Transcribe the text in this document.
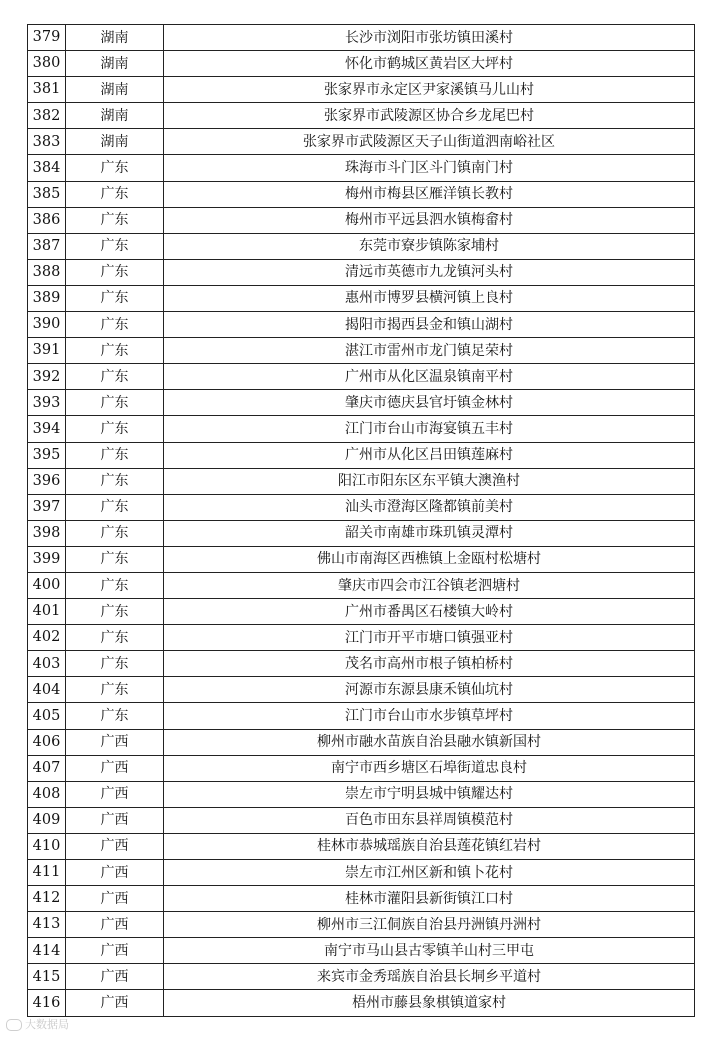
379	湖南	长沙市浏阳市张坊镇田溪村
380	湖南	怀化市鹤城区黄岩区大坪村
381	湖南	张家界市永定区尹家溪镇马儿山村
382	湖南	张家界市武陵源区协合乡龙尾巴村
383	湖南	张家界市武陵源区天子山街道泗南峪社区
384	广东	珠海市斗门区斗门镇南门村
385	广东	梅州市梅县区雁洋镇长教村
386	广东	梅州市平远县泗水镇梅畲村
387	广东	东莞市寮步镇陈家埔村
388	广东	清远市英德市九龙镇河头村
389	广东	惠州市博罗县横河镇上良村
390	广东	揭阳市揭西县金和镇山湖村
391	广东	湛江市雷州市龙门镇足荣村
392	广东	广州市从化区温泉镇南平村
393	广东	肇庆市德庆县官圩镇金林村
394	广东	江门市台山市海宴镇五丰村
395	广东	广州市从化区吕田镇莲麻村
396	广东	阳江市阳东区东平镇大澳渔村
397	广东	汕头市澄海区隆都镇前美村
398	广东	韶关市南雄市珠玑镇灵潭村
399	广东	佛山市南海区西樵镇上金瓯村松塘村
400	广东	肇庆市四会市江谷镇老泗塘村
401	广东	广州市番禺区石楼镇大岭村
402	广东	江门市开平市塘口镇强亚村
403	广东	茂名市高州市根子镇柏桥村
404	广东	河源市东源县康禾镇仙坑村
405	广东	江门市台山市水步镇草坪村
406	广西	柳州市融水苗族自治县融水镇新国村
407	广西	南宁市西乡塘区石埠街道忠良村
408	广西	崇左市宁明县城中镇耀达村
409	广西	百色市田东县祥周镇模范村
410	广西	桂林市恭城瑶族自治县莲花镇红岩村
411	广西	崇左市江州区新和镇卜花村
412	广西	桂林市灌阳县新街镇江口村
413	广西	柳州市三江侗族自治县丹洲镇丹洲村
414	广西	南宁市马山县古零镇羊山村三甲屯
415	广西	来宾市金秀瑶族自治县长垌乡平道村
416	广西	梧州市藤县象棋镇道家村
大数据局
